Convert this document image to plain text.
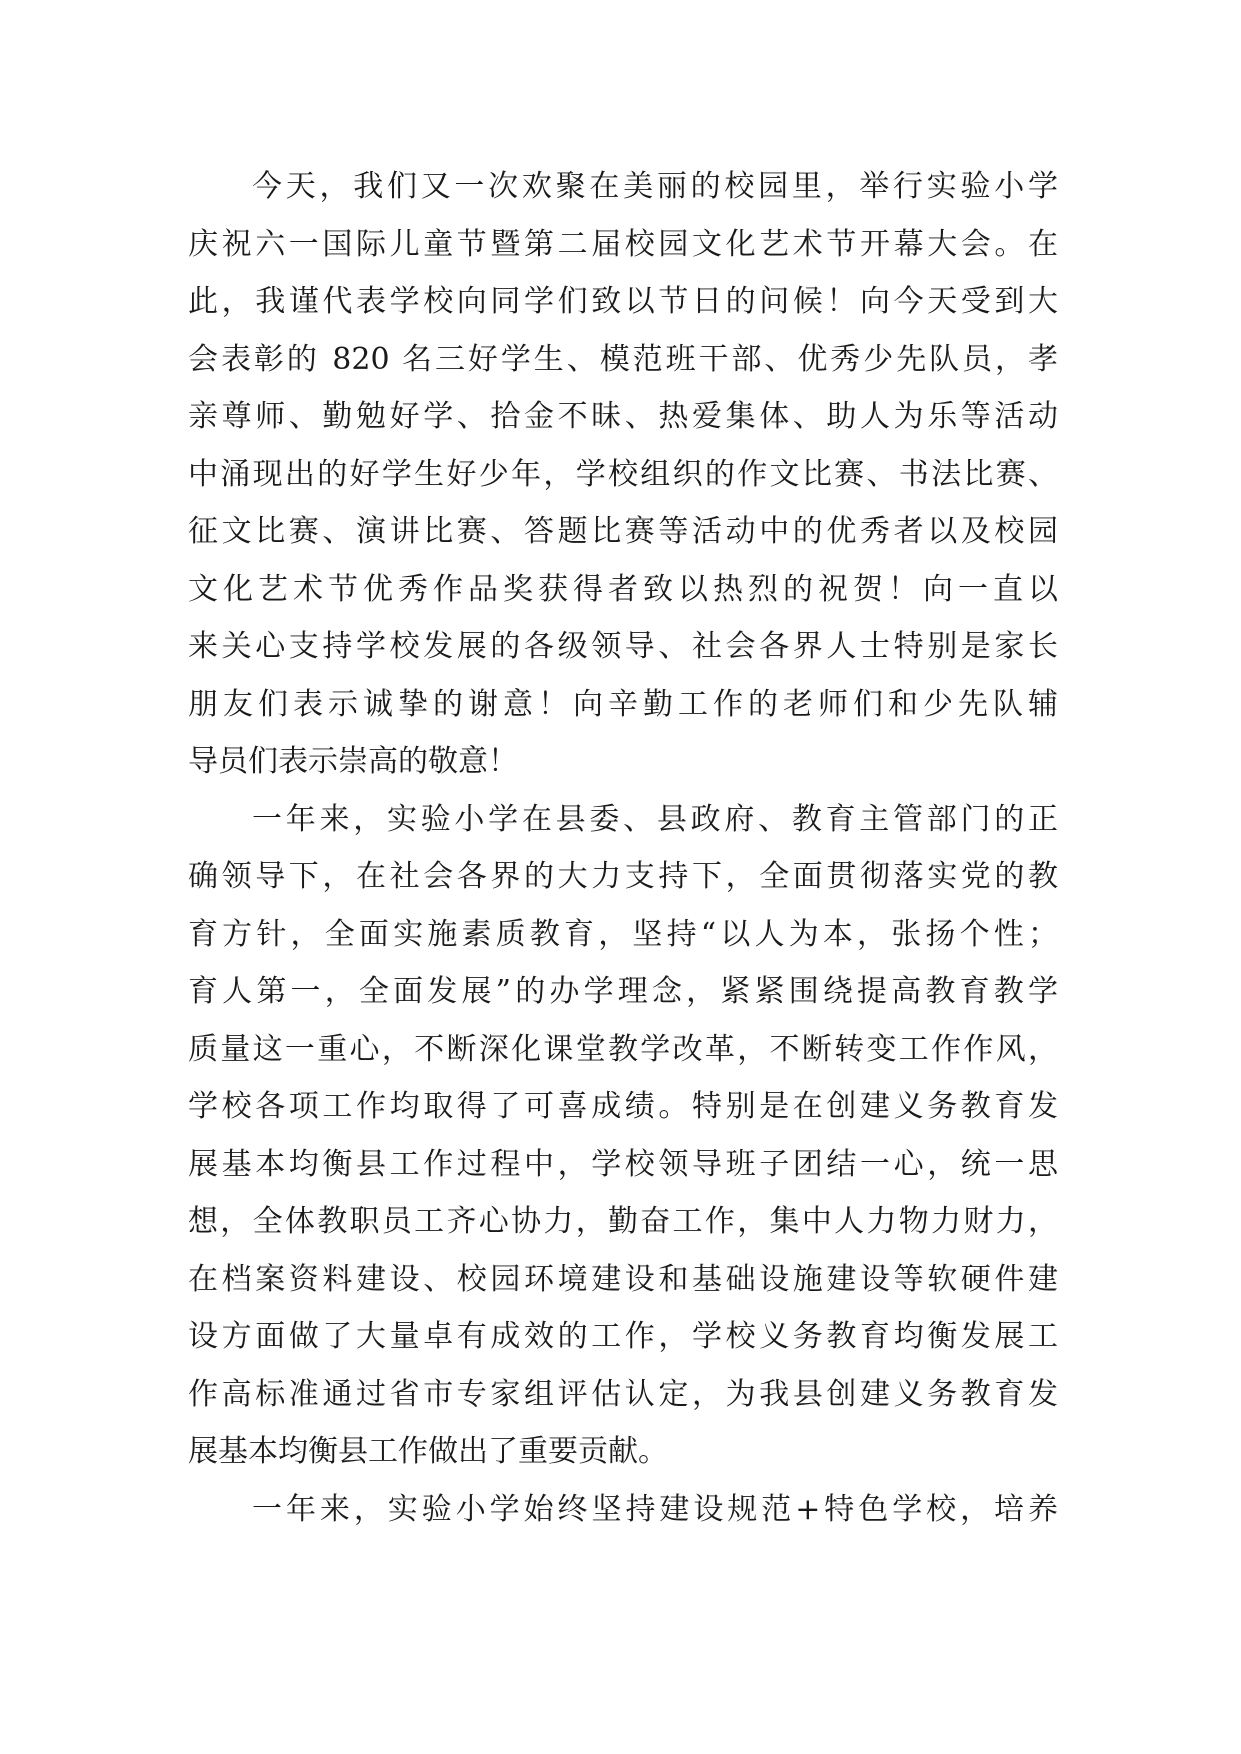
今天，我们又一次欢聚在美丽的校园里，举行实验小学
庆祝六一国际儿童节暨第二届校园文化艺术节开幕大会。在
此，我谨代表学校向同学们致以节日的问候！向今天受到大
会表彰的 820 名三好学生、模范班干部、优秀少先队员，孝
亲尊师、勤勉好学、拾金不昧、热爱集体、助人为乐等活动
中涌现出的好学生好少年，学校组织的作文比赛、书法比赛、
征文比赛、演讲比赛、答题比赛等活动中的优秀者以及校园
文化艺术节优秀作品奖获得者致以热烈的祝贺！向一直以
来关心支持学校发展的各级领导、社会各界人士特别是家长
朋友们表示诚挚的谢意！向辛勤工作的老师们和少先队辅
导员们表示崇高的敬意！
一年来，实验小学在县委、县政府、教育主管部门的正
确领导下，在社会各界的大力支持下，全面贯彻落实党的教
育方针，全面实施素质教育，坚持“以人为本，张扬个性；
育人第一，全面发展”的办学理念，紧紧围绕提高教育教学
质量这一重心，不断深化课堂教学改革，不断转变工作作风，
学校各项工作均取得了可喜成绩。特别是在创建义务教育发
展基本均衡县工作过程中，学校领导班子团结一心，统一思
想，全体教职员工齐心协力，勤奋工作，集中人力物力财力，
在档案资料建设、校园环境建设和基础设施建设等软硬件建
设方面做了大量卓有成效的工作，学校义务教育均衡发展工
作高标准通过省市专家组评估认定，为我县创建义务教育发
展基本均衡县工作做出了重要贡献。
一年来，实验小学始终坚持建设规范+特色学校，培养
